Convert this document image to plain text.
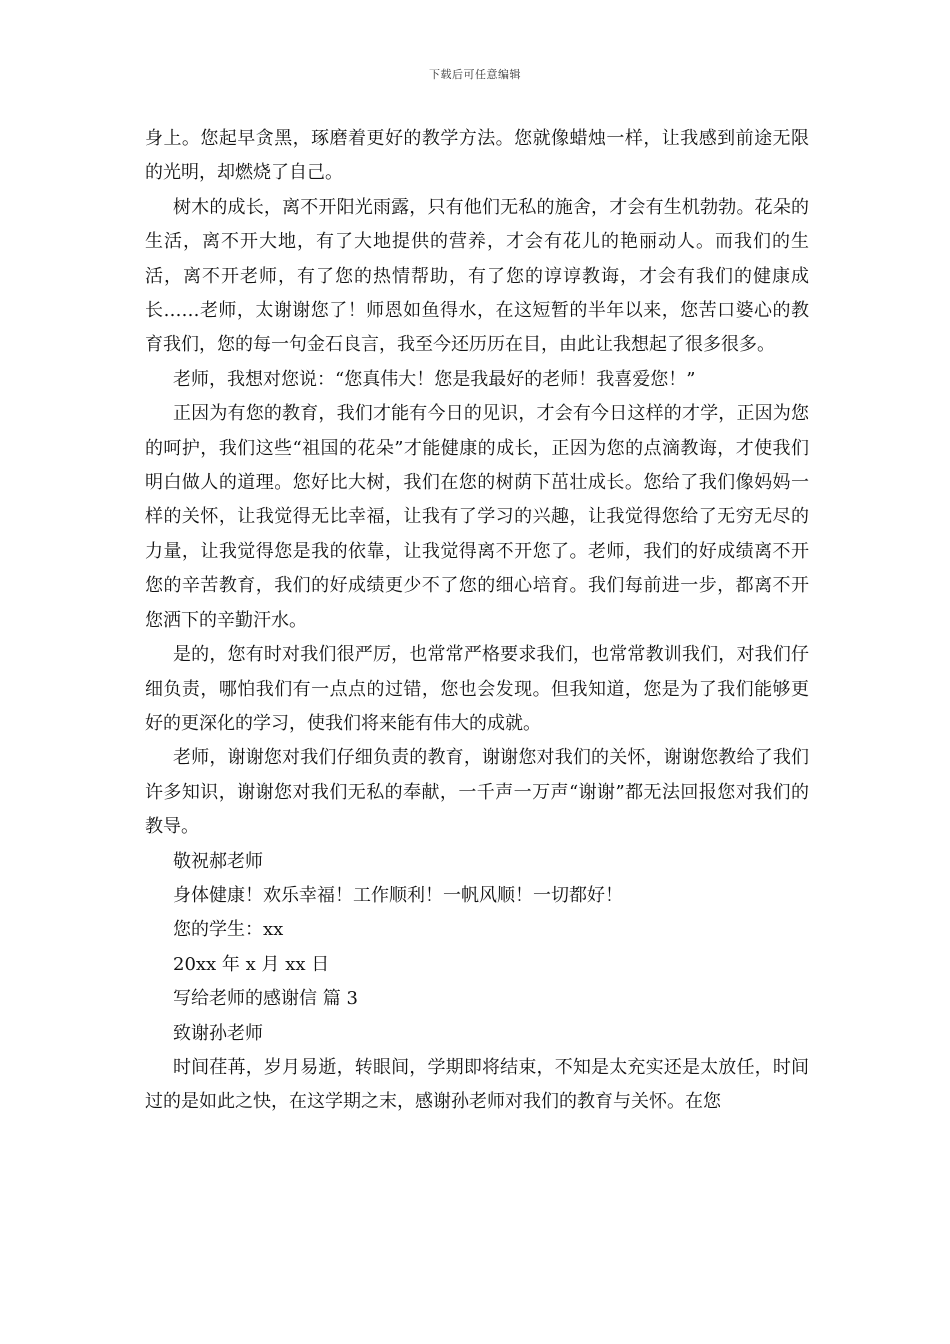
下载后可任意编辑

身上。您起早贪黑，琢磨着更好的教学方法。您就像蜡烛一样，让我感到前途无限的光明，却燃烧了自己。

树木的成长，离不开阳光雨露，只有他们无私的施舍，才会有生机勃勃。花朵的生活，离不开大地，有了大地提供的营养，才会有花儿的艳丽动人。而我们的生活，离不开老师，有了您的热情帮助，有了您的谆谆教诲，才会有我们的健康成长……老师，太谢谢您了！师恩如鱼得水，在这短暂的半年以来，您苦口婆心的教育我们，您的每一句金石良言，我至今还历历在目，由此让我想起了很多很多。

老师，我想对您说：“您真伟大！您是我最好的老师！我喜爱您！”

正因为有您的教育，我们才能有今日的见识，才会有今日这样的才学，正因为您的呵护，我们这些“祖国的花朵”才能健康的成长，正因为您的点滴教诲，才使我们明白做人的道理。您好比大树，我们在您的树荫下茁壮成长。您给了我们像妈妈一样的关怀，让我觉得无比幸福，让我有了学习的兴趣，让我觉得您给了无穷无尽的力量，让我觉得您是我的依靠，让我觉得离不开您了。老师，我们的好成绩离不开您的辛苦教育，我们的好成绩更少不了您的细心培育。我们每前进一步，都离不开您洒下的辛勤汗水。

是的，您有时对我们很严厉，也常常严格要求我们，也常常教训我们，对我们仔细负责，哪怕我们有一点点的过错，您也会发现。但我知道，您是为了我们能够更好的更深化的学习，使我们将来能有伟大的成就。

老师，谢谢您对我们仔细负责的教育，谢谢您对我们的关怀，谢谢您教给了我们许多知识，谢谢您对我们无私的奉献，一千声一万声“谢谢”都无法回报您对我们的教导。

敬祝郝老师

身体健康！欢乐幸福！工作顺利！一帆风顺！一切都好！

您的学生：xx

20xx 年 x 月 xx 日

写给老师的感谢信 篇 3

致谢孙老师

时间荏苒，岁月易逝，转眼间，学期即将结束，不知是太充实还是太放任，时间过的是如此之快，在这学期之末，感谢孙老师对我们的教育与关怀。在您
